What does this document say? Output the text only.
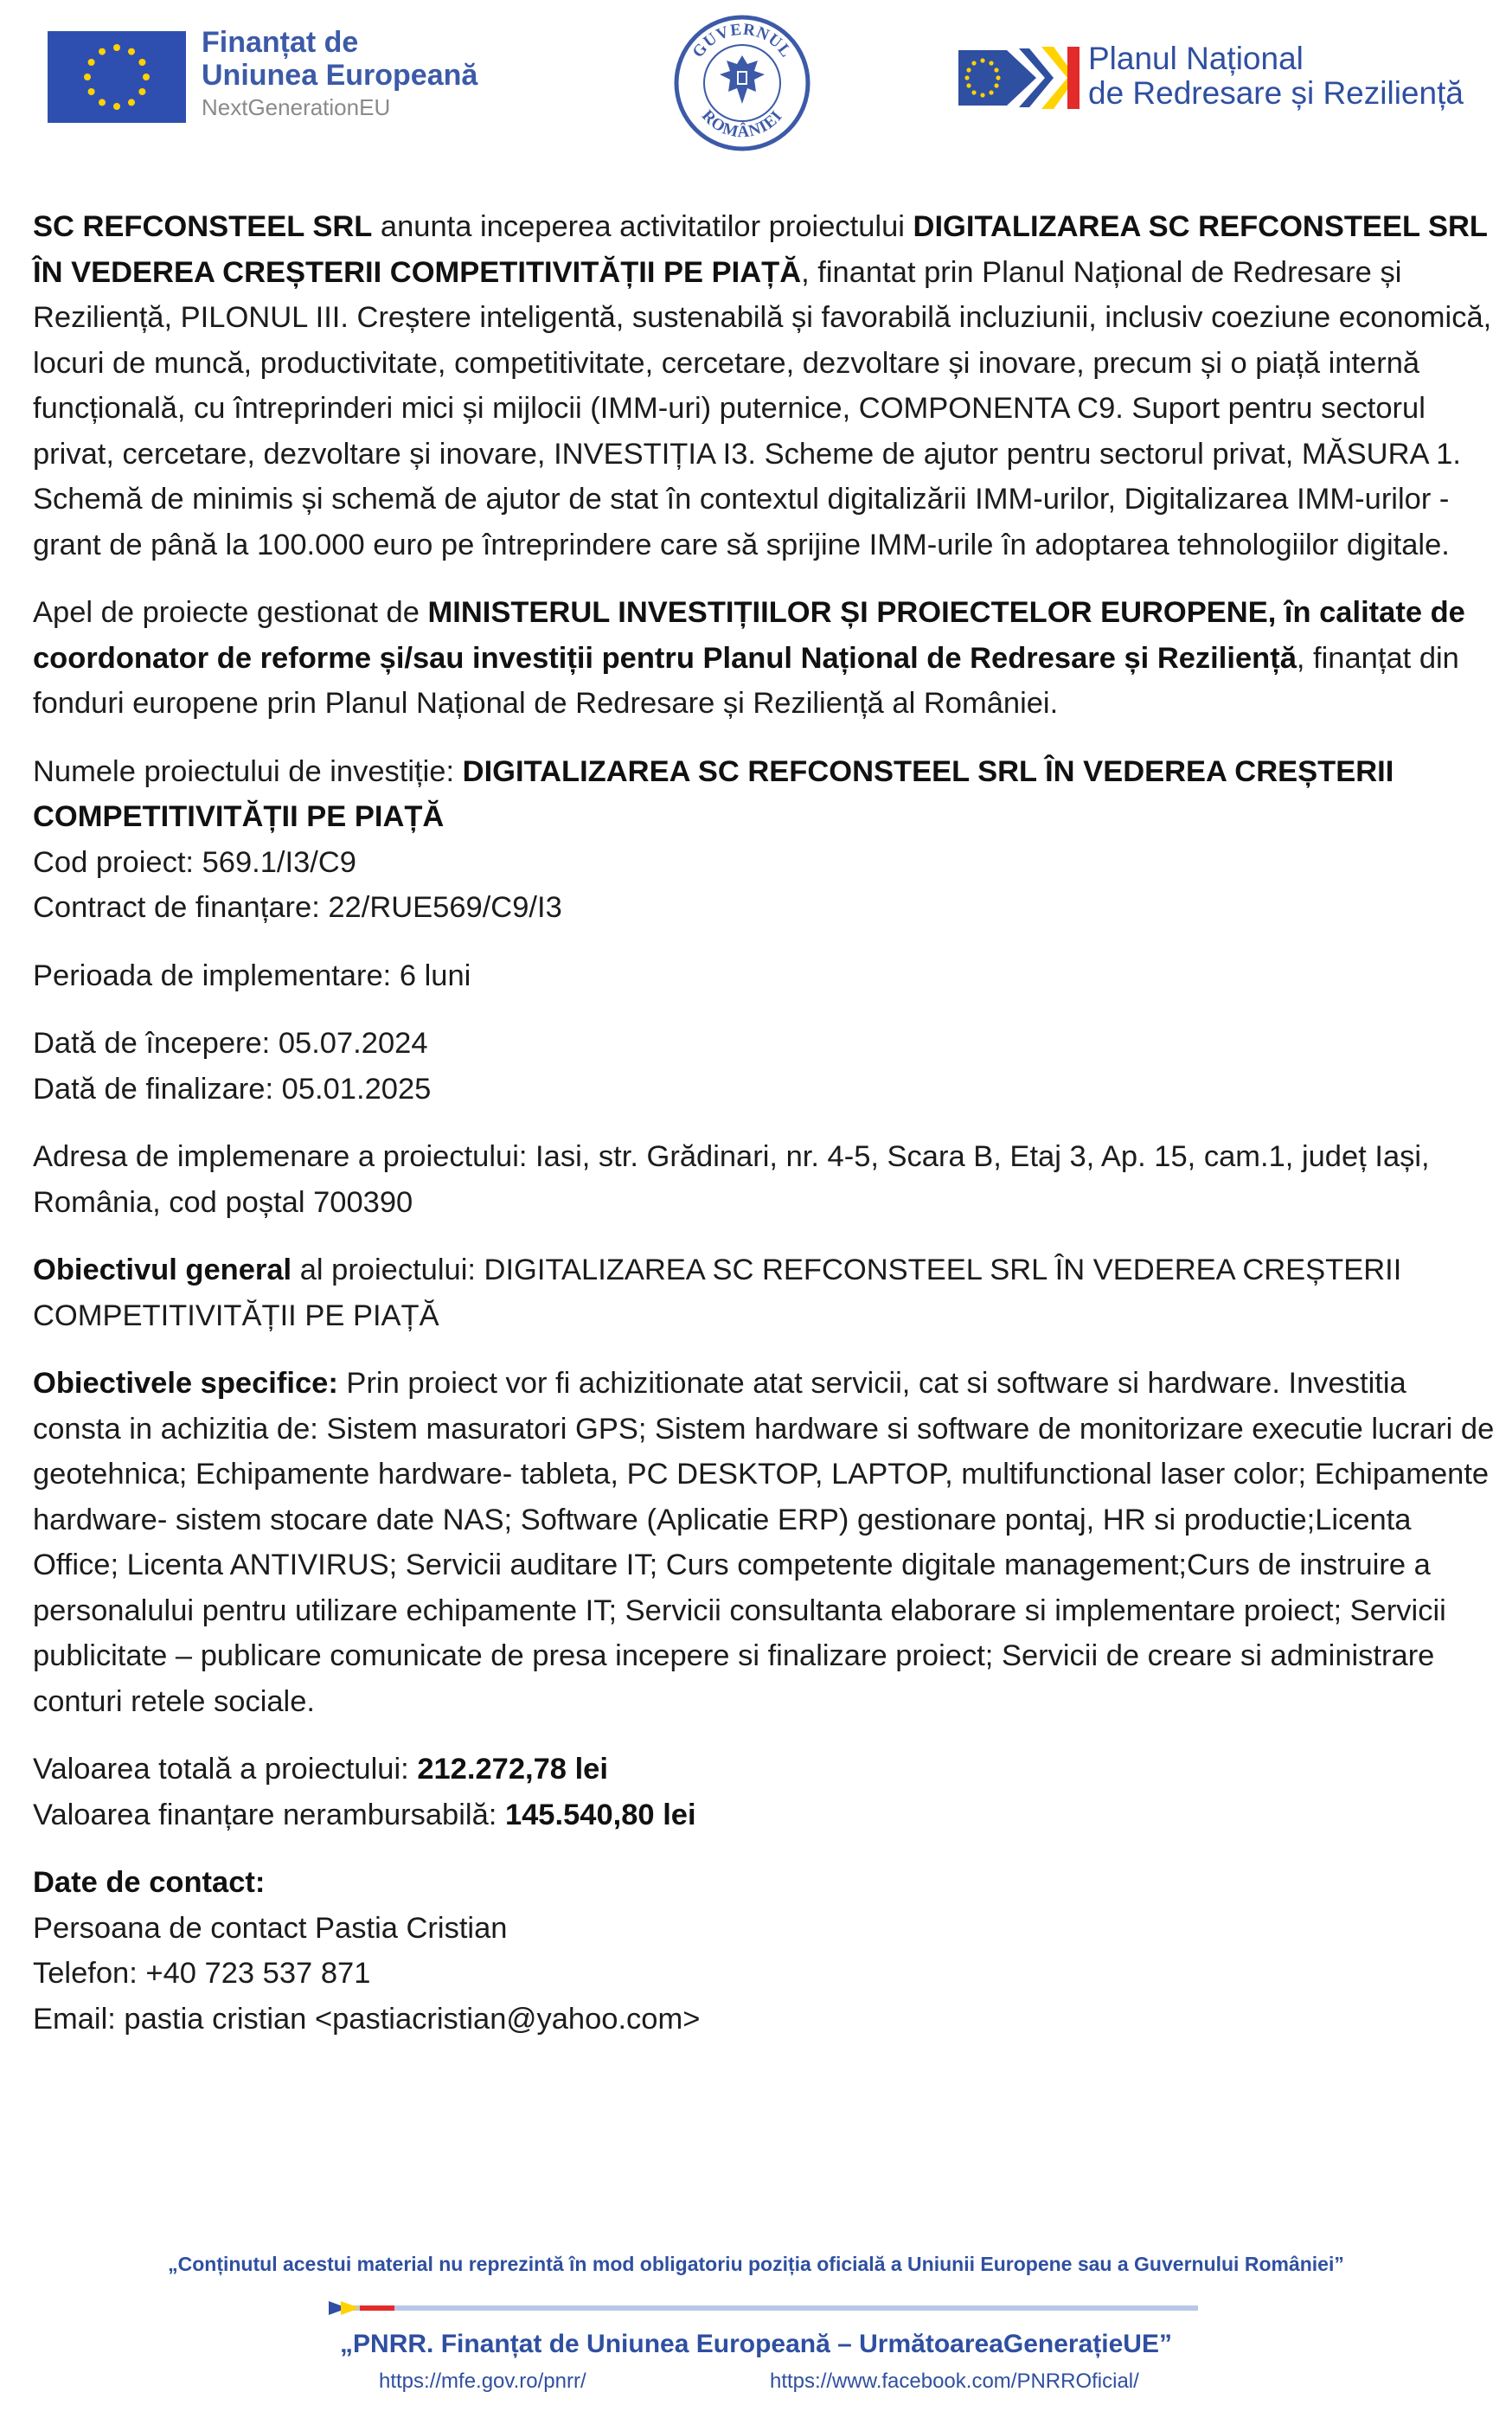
Finanțat de
Uniunea Europeană
NextGenerationEU
GUVERNUL
ROMÂNIEI
Planul Național
de Redresare și Reziliență

SC REFCONSTEEL SRL anunta inceperea activitatilor proiectului DIGITALIZAREA SC REFCONSTEEL SRL ÎN VEDEREA CREȘTERII COMPETITIVITĂȚII PE PIAȚĂ, finantat prin Planul Național de Redresare și Reziliență, PILONUL III. Creștere inteligentă, sustenabilă și favorabilă incluziunii, inclusiv coeziune economică, locuri de muncă, productivitate, competitivitate, cercetare, dezvoltare și inovare, precum și o piață internă funcțională, cu întreprinderi mici și mijlocii (IMM-uri) puternice, COMPONENTA C9. Suport pentru sectorul privat, cercetare, dezvoltare și inovare, INVESTIȚIA I3. Scheme de ajutor pentru sectorul privat, MĂSURA 1. Schemă de minimis și schemă de ajutor de stat în contextul digitalizării IMM-urilor, Digitalizarea IMM-urilor - grant de până la 100.000 euro pe întreprindere care să sprijine IMM-urile în adoptarea tehnologiilor digitale.

Apel de proiecte gestionat de MINISTERUL INVESTIȚIILOR ȘI PROIECTELOR EUROPENE, în calitate de coordonator de reforme și/sau investiții pentru Planul Național de Redresare și Reziliență, finanțat din fonduri europene prin Planul Național de Redresare și Reziliență al României.

Numele proiectului de investiție: DIGITALIZAREA SC REFCONSTEEL SRL ÎN VEDEREA CREȘTERII COMPETITIVITĂȚII PE PIAȚĂ
Cod proiect: 569.1/I3/C9
Contract de finanțare: 22/RUE569/C9/I3

Perioada de implementare: 6 luni

Dată de începere: 05.07.2024
Dată de finalizare: 05.01.2025

Adresa de implemenare a proiectului: Iasi, str. Grădinari, nr. 4-5, Scara B, Etaj 3, Ap. 15, cam.1, județ Iași, România, cod poștal 700390

Obiectivul general al proiectului: DIGITALIZAREA SC REFCONSTEEL SRL ÎN VEDEREA CREȘTERII COMPETITIVITĂȚII PE PIAȚĂ

Obiectivele specifice: Prin proiect vor fi achizitionate atat servicii, cat si software si hardware. Investitia consta in achizitia de: Sistem masuratori GPS; Sistem hardware si software de monitorizare executie lucrari de geotehnica; Echipamente hardware- tableta, PC DESKTOP, LAPTOP, multifunctional laser color; Echipamente hardware- sistem stocare date NAS; Software (Aplicatie ERP) gestionare pontaj, HR si productie;Licenta Office; Licenta ANTIVIRUS; Servicii auditare IT; Curs competente digitale management;Curs de instruire a personalului pentru utilizare echipamente IT; Servicii consultanta elaborare si implementare proiect; Servicii publicitate – publicare comunicate de presa incepere si finalizare proiect; Servicii de creare si administrare conturi retele sociale.

Valoarea totală a proiectului: 212.272,78 lei
Valoarea finanțare nerambursabilă: 145.540,80 lei

Date de contact:
Persoana de contact Pastia Cristian
Telefon: +40 723 537 871
Email: pastia cristian <pastiacristian@yahoo.com>

„Conținutul acestui material nu reprezintă în mod obligatoriu poziția oficială a Uniunii Europene sau a Guvernului României”
„PNRR. Finanțat de Uniunea Europeană – UrmătoareaGenerațieUE”
https://mfe.gov.ro/pnrr/	https://www.facebook.com/PNRROficial/
